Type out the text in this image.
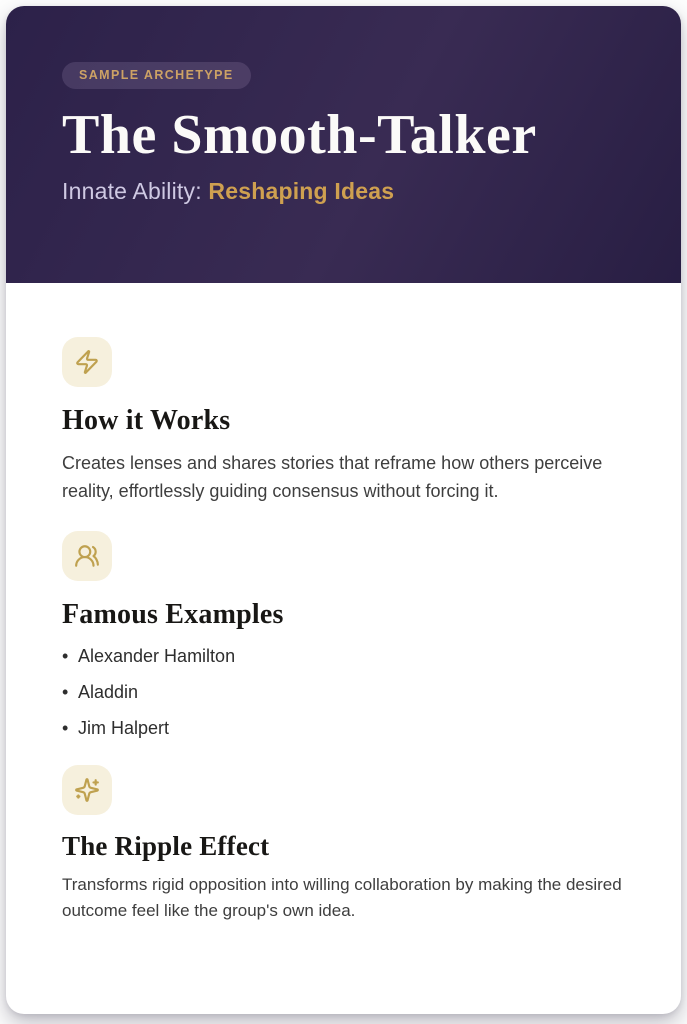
SAMPLE ARCHETYPE
The Smooth-Talker
Innate Ability: Reshaping Ideas
How it Works

Creates lenses and shares stories that reframe how others perceive reality, effortlessly guiding consensus without forcing it.

Famous Examples
• Alexander Hamilton
• Aladdin
• Jim Halpert
The Ripple Effect

Transforms rigid opposition into willing collaboration by making the desired outcome feel like the group's own idea.
